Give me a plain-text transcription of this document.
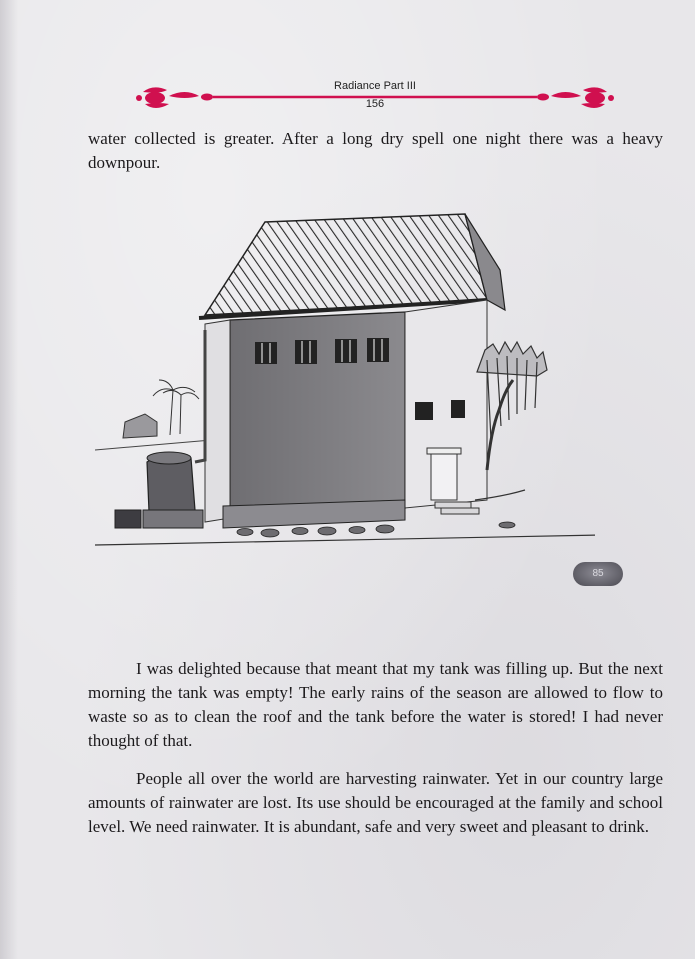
Radiance Part III
156

water collected is greater. After a long dry spell one night there was a heavy downpour.

85

I was delighted because that meant that my tank was filling up. But the next morning the tank was empty! The early rains of the season are allowed to flow to waste so as to clean the roof and the tank before the water is stored! I had never thought of that.

People all over the world are harvesting rainwater. Yet in our country large amounts of rainwater are lost. Its use should be encouraged at the family and school level. We need rainwater. It is abundant, safe and very sweet and pleasant to drink.
